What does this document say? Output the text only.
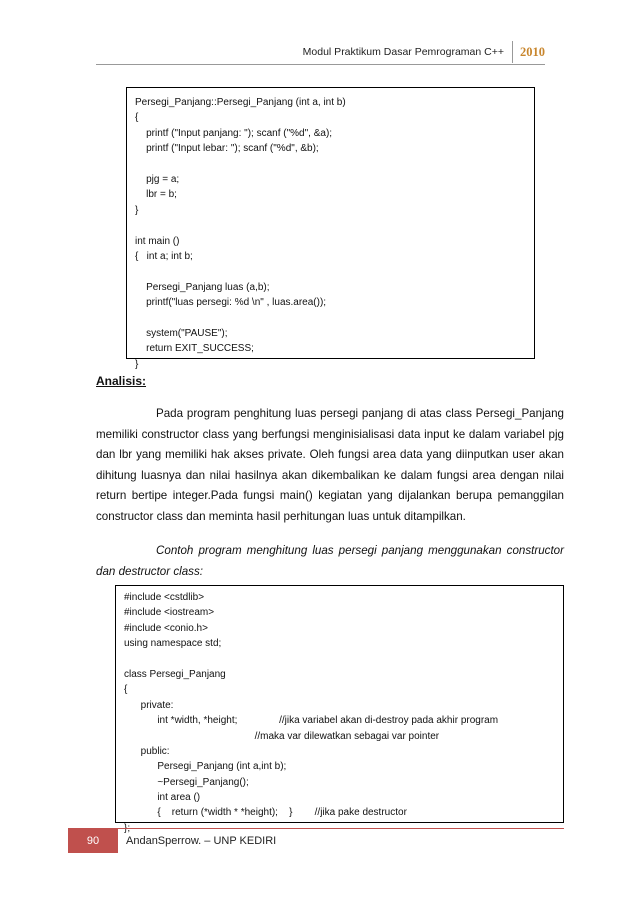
Modul Praktikum Dasar Pemrograman C++	2010
Persegi_Panjang::Persegi_Panjang (int a, int b)
{
printf ("Input panjang: "); scanf ("%d", &a);
printf ("Input lebar: "); scanf ("%d", &b);
pjg = a;
lbr = b;
}
int main ()
{   int a; int b;
Persegi_Panjang luas (a,b);
printf("luas persegi: %d \n" , luas.area());
system("PAUSE");
return EXIT_SUCCESS;
}
Analisis:
Pada program penghitung luas persegi panjang di atas class Persegi_Panjang memiliki constructor class yang berfungsi menginisialisasi data input ke dalam variabel pjg dan lbr yang memiliki hak akses private. Oleh fungsi area data yang diinputkan user akan dihitung luasnya dan nilai hasilnya akan dikembalikan ke dalam fungsi area dengan nilai return bertipe integer.Pada fungsi main() kegiatan yang dijalankan berupa pemanggilan constructor class dan meminta hasil perhitungan luas untuk ditampilkan.
Contoh program menghitung luas persegi panjang menggunakan constructor dan destructor class:
#include <cstdlib>
#include <iostream>
#include <conio.h>
using namespace std;
class Persegi_Panjang
{
private:
int *width, *height;               //jika variabel akan di-destroy pada akhir program
//maka var dilewatkan sebagai var pointer
public:
Persegi_Panjang (int a,int b);
~Persegi_Panjang();
int area ()
{    return (*width * *height);    }        //jika pake destructor
90	AndanSperrow. – UNP KEDIRI
